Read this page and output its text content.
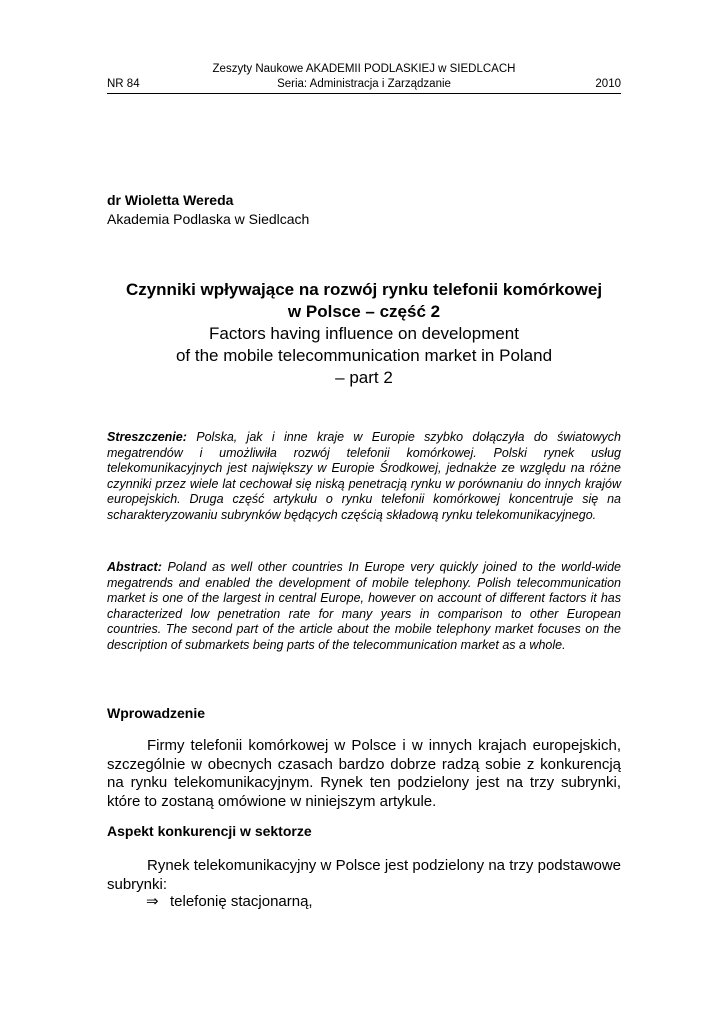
Zeszyty Naukowe AKADEMII PODLASKIEJ w SIEDLCACH
NR 84	Seria: Administracja i Zarządzanie	2010
dr Wioletta Wereda
Akademia Podlaska w Siedlcach
Czynniki wpływające na rozwój rynku telefonii komórkowej
w Polsce – część 2
Factors having influence on development
of the mobile telecommunication market in Poland
– part 2
Streszczenie: Polska, jak i inne kraje w Europie szybko dołączyła do światowych megatrendów i umożliwiła rozwój telefonii komórkowej. Polski rynek usług telekomunikacyjnych jest największy w Europie Środkowej, jednakże ze względu na różne czynniki przez wiele lat cechował się niską penetracją rynku w porównaniu do innych krajów europejskich. Druga część artykułu o rynku telefonii komórkowej koncentruje się na scharakteryzowaniu subrynków będących częścią składową rynku telekomunikacyjnego.
Abstract: Poland as well other countries In Europe very quickly joined to the world-wide megatrends and enabled the development of mobile telephony. Polish telecommunication market is one of the largest in central Europe, however on account of different factors it has characterized low penetration rate for many years in comparison to other European countries. The second part of the article about the mobile telephony market focuses on the description of submarkets being parts of the telecommunication market as a whole.
Wprowadzenie
Firmy telefonii komórkowej w Polsce i w innych krajach europejskich, szczególnie w obecnych czasach bardzo dobrze radzą sobie z konkurencją na rynku telekomunikacyjnym. Rynek ten podzielony jest na trzy subrynki, które to zostaną omówione w niniejszym artykule.
Aspekt konkurencji w sektorze
Rynek telekomunikacyjny w Polsce jest podzielony na trzy podstawowe subrynki:
⇒ telefonię stacjonarną,
